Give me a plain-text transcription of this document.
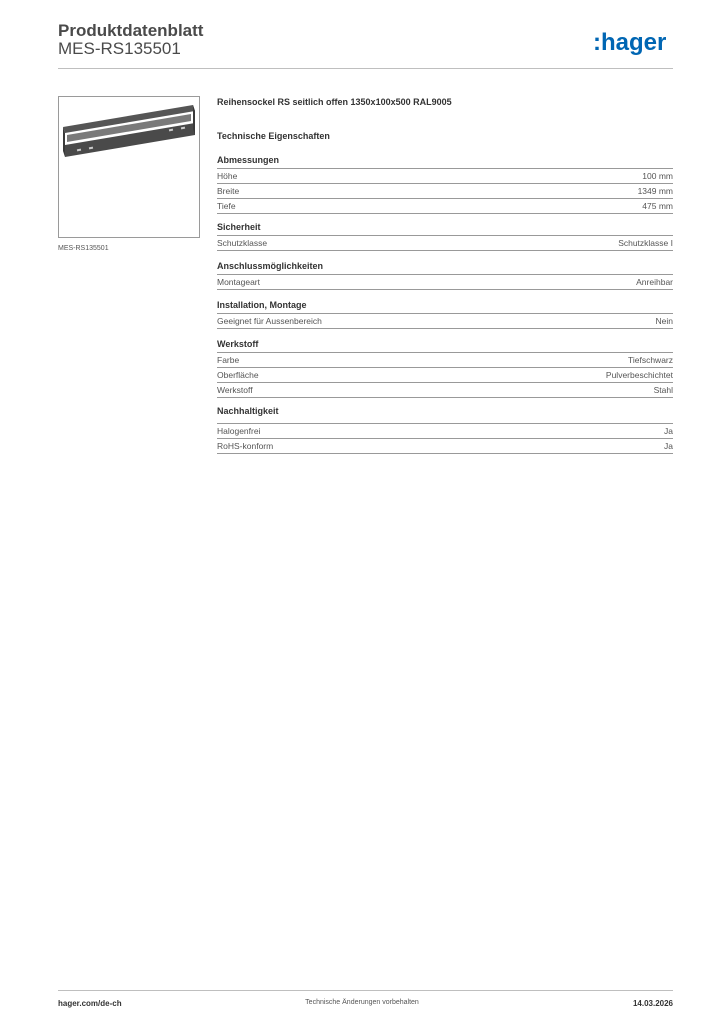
Produktdatenblatt
MES-RS135501	:hager
MES-RS135501
Reihensockel RS seitlich offen 1350x100x500 RAL9005
Technische Eigenschaften
Abmessungen
Höhe	100 mm
Breite	1349 mm
Tiefe	475 mm
Sicherheit
Schutzklasse	Schutzklasse I
Anschlussmöglichkeiten
Montageart	Anreihbar
Installation, Montage
Geeignet für Aussenbereich	Nein
Werkstoff
Farbe	Tiefschwarz
Oberfläche	Pulverbeschichtet
Werkstoff	Stahl
Nachhaltigkeit
Halogenfrei	Ja
RoHS-konform	Ja
hager.com/de-ch	Technische Änderungen vorbehalten	14.03.2026
